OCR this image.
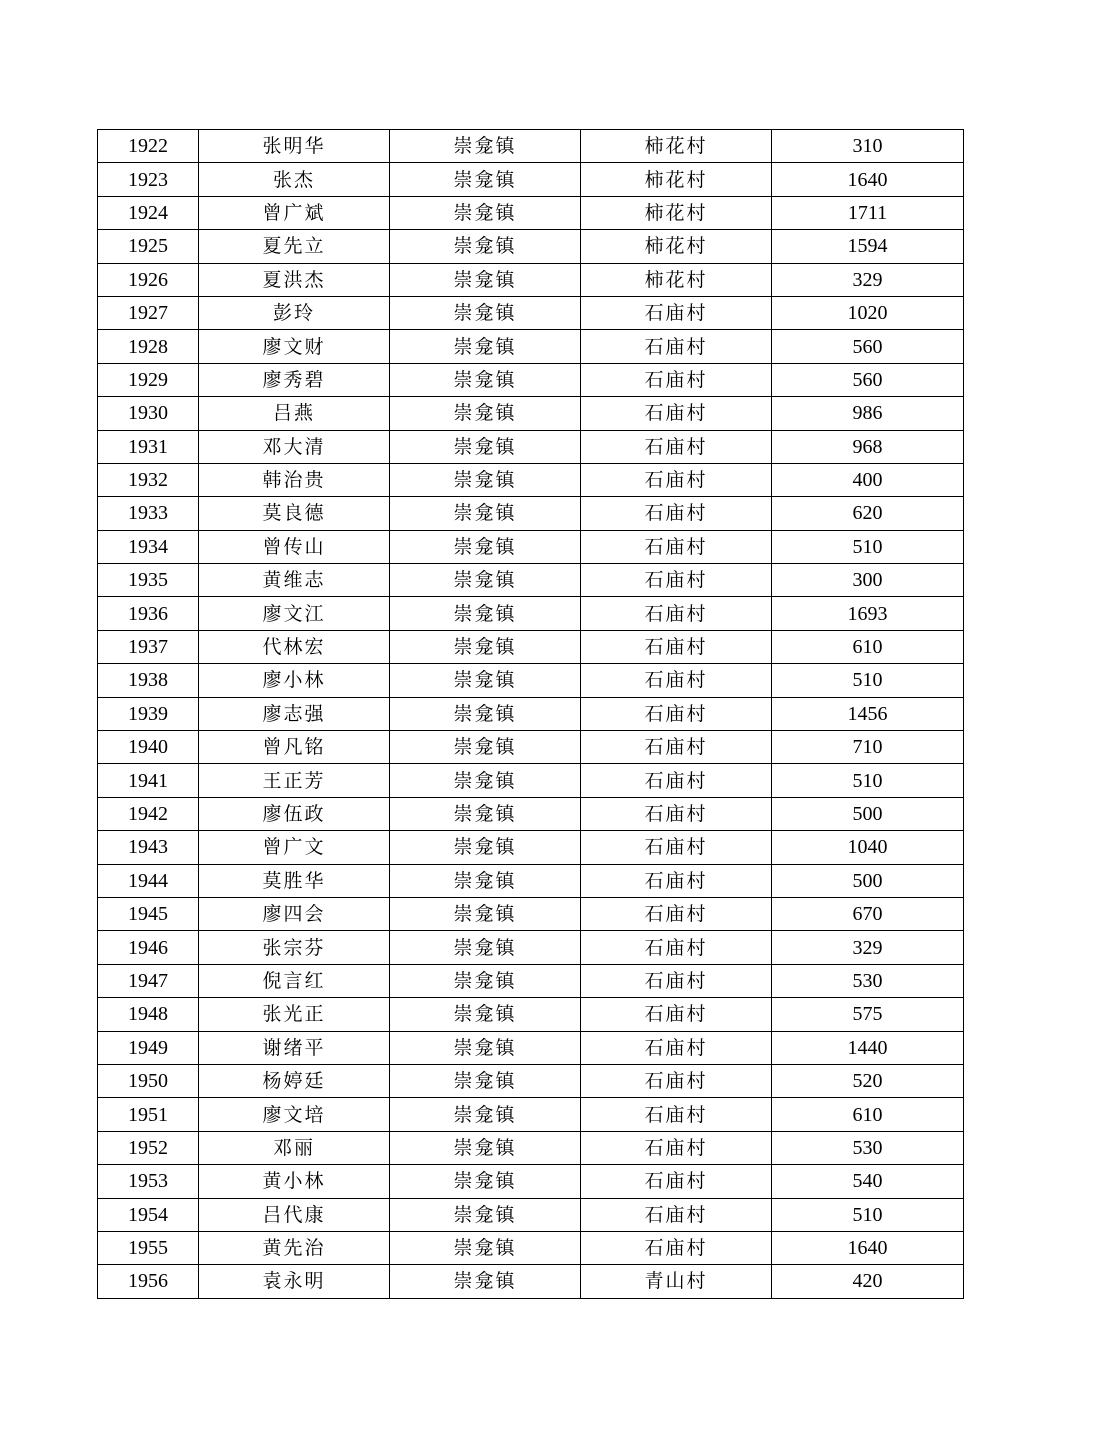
1922	张明华	崇龛镇	柿花村	310
1923	张杰	崇龛镇	柿花村	1640
1924	曾广斌	崇龛镇	柿花村	1711
1925	夏先立	崇龛镇	柿花村	1594
1926	夏洪杰	崇龛镇	柿花村	329
1927	彭玲	崇龛镇	石庙村	1020
1928	廖文财	崇龛镇	石庙村	560
1929	廖秀碧	崇龛镇	石庙村	560
1930	吕燕	崇龛镇	石庙村	986
1931	邓大清	崇龛镇	石庙村	968
1932	韩治贵	崇龛镇	石庙村	400
1933	莫良德	崇龛镇	石庙村	620
1934	曾传山	崇龛镇	石庙村	510
1935	黄维志	崇龛镇	石庙村	300
1936	廖文江	崇龛镇	石庙村	1693
1937	代林宏	崇龛镇	石庙村	610
1938	廖小林	崇龛镇	石庙村	510
1939	廖志强	崇龛镇	石庙村	1456
1940	曾凡铭	崇龛镇	石庙村	710
1941	王正芳	崇龛镇	石庙村	510
1942	廖伍政	崇龛镇	石庙村	500
1943	曾广文	崇龛镇	石庙村	1040
1944	莫胜华	崇龛镇	石庙村	500
1945	廖四会	崇龛镇	石庙村	670
1946	张宗芬	崇龛镇	石庙村	329
1947	倪言红	崇龛镇	石庙村	530
1948	张光正	崇龛镇	石庙村	575
1949	谢绪平	崇龛镇	石庙村	1440
1950	杨婷廷	崇龛镇	石庙村	520
1951	廖文培	崇龛镇	石庙村	610
1952	邓丽	崇龛镇	石庙村	530
1953	黄小林	崇龛镇	石庙村	540
1954	吕代康	崇龛镇	石庙村	510
1955	黄先治	崇龛镇	石庙村	1640
1956	袁永明	崇龛镇	青山村	420
